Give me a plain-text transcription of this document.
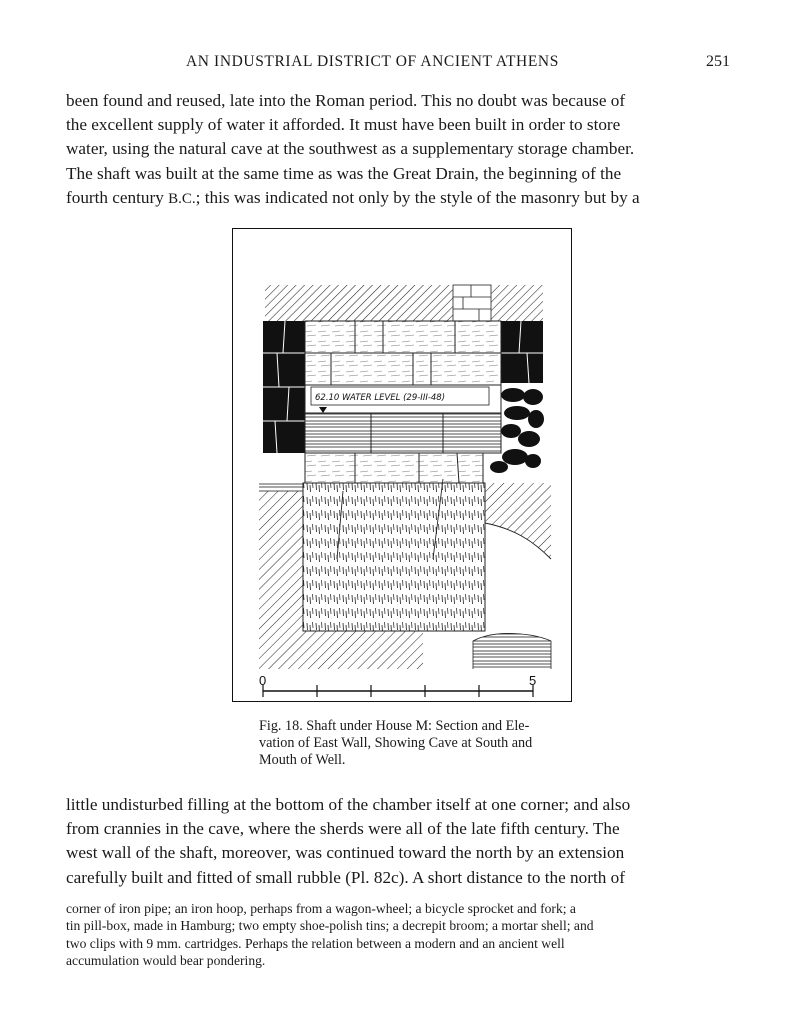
AN INDUSTRIAL DISTRICT OF ANCIENT ATHENS	251

been found and reused, late into the Roman period. This no doubt was because of
the excellent supply of water it afforded. It must have been built in order to store
water, using the natural cave at the southwest as a supplementary storage chamber.
The shaft was built at the same time as was the Great Drain, the beginning of the
fourth century B.C.; this was indicated not only by the style of the masonry but by a

62.10 WATER LEVEL (29-III-48)
0	5

Fig. 18. Shaft under House M: Section and Ele-
vation of East Wall, Showing Cave at South and
Mouth of Well.

little undisturbed filling at the bottom of the chamber itself at one corner; and also
from crannies in the cave, where the sherds were all of the late fifth century. The
west wall of the shaft, moreover, was continued toward the north by an extension
carefully built and fitted of small rubble (Pl. 82c). A short distance to the north of

corner of iron pipe; an iron hoop, perhaps from a wagon-wheel; a bicycle sprocket and fork; a
tin pill-box, made in Hamburg; two empty shoe-polish tins; a decrepit broom; a mortar shell; and
two clips with 9 mm. cartridges. Perhaps the relation between a modern and an ancient well
accumulation would bear pondering.
